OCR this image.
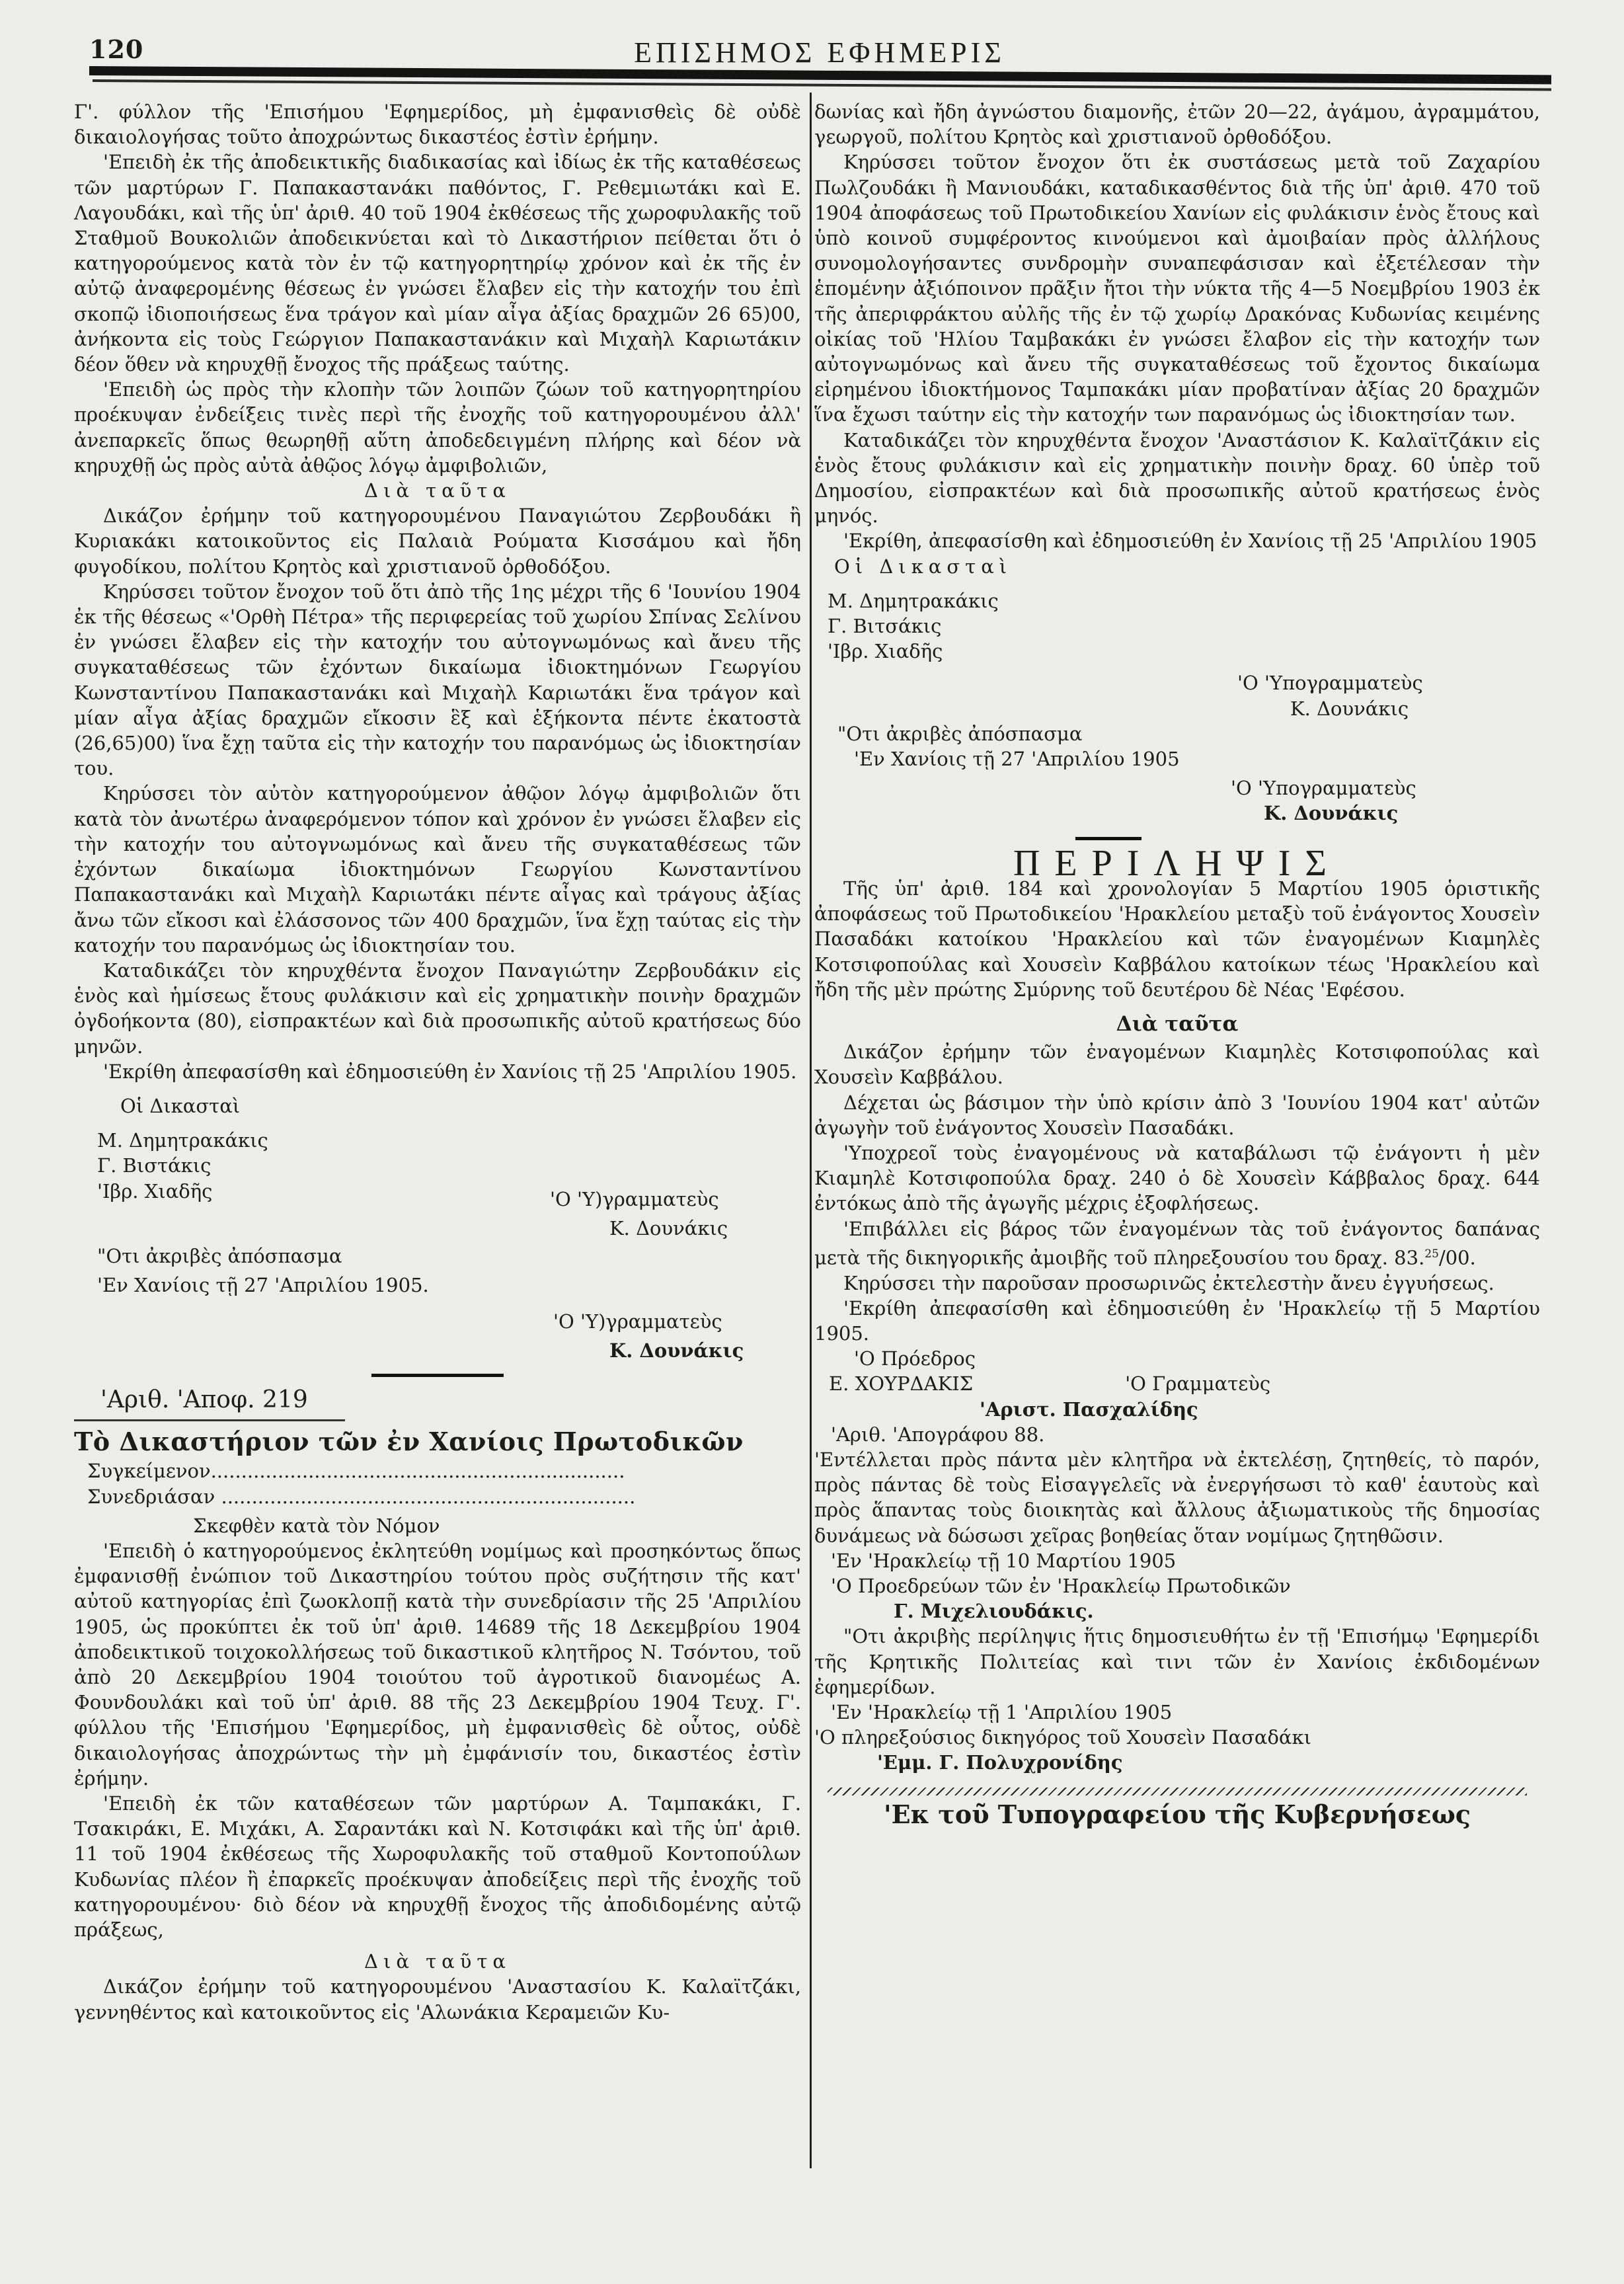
120	ΕΠΙΣΗΜΟΣ ΕΦΗΜΕΡΙΣ

Γ'. φύλλον τῆς 'Επισήμου 'Εφημερίδος, μὴ ἐμφανισθεὶς δὲ οὐδὲ δικαιολογήσας τοῦτο ἀποχρώντως δικαστέος ἐστὶν ἐρήμην.

'Επειδὴ ἐκ τῆς ἀποδεικτικῆς διαδικασίας καὶ ἰδίως ἐκ τῆς καταθέσεως τῶν μαρτύρων Γ. Παπακαστανάκι παθόντος, Γ. Ρεθεμιωτάκι καὶ Ε. Λαγουδάκι, καὶ τῆς ὑπ' ἀριθ. 40 τοῦ 1904 ἐκθέσεως τῆς χωροφυλακῆς τοῦ Σταθμοῦ Βουκολιῶν ἀποδεικνύεται καὶ τὸ Δικαστήριον πείθεται ὅτι ὁ κατηγορούμενος κατὰ τὸν ἐν τῷ κατηγορητηρίῳ χρόνον καὶ ἐκ τῆς ἐν αὐτῷ ἀναφερομένης θέσεως ἐν γνώσει ἔλαβεν εἰς τὴν κατοχήν του ἐπὶ σκοπῷ ἰδιοποιήσεως ἕνα τράγον καὶ μίαν αἶγα ἀξίας δραχμῶν 26 65)00, ἀνήκοντα εἰς τοὺς Γεώργιον Παπακαστανάκιν καὶ Μιχαὴλ Καριωτάκιν δέον ὅθεν νὰ κηρυχθῇ ἔνοχος τῆς πράξεως ταύτης.

'Επειδὴ ὡς πρὸς τὴν κλοπὴν τῶν λοιπῶν ζώων τοῦ κατηγορητηρίου προέκυψαν ἐνδείξεις τινὲς περὶ τῆς ἐνοχῆς τοῦ κατηγορουμένου ἀλλ' ἀνεπαρκεῖς ὅπως θεωρηθῇ αὕτη ἀποδεδειγμένη πλήρης καὶ δέον νὰ κηρυχθῇ ὡς πρὸς αὐτὰ ἀθῷος λόγῳ ἀμφιβολιῶν,

Διὰ ταῦτα

Δικάζον ἐρήμην τοῦ κατηγορουμένου Παναγιώτου Ζερβουδάκι ἢ Κυριακάκι κατοικοῦντος εἰς Παλαιὰ Ρούματα Κισσάμου καὶ ἤδη φυγοδίκου, πολίτου Κρητὸς καὶ χριστιανοῦ ὀρθοδόξου.

Κηρύσσει τοῦτον ἔνοχον τοῦ ὅτι ἀπὸ τῆς 1ης μέχρι τῆς 6 'Ιουνίου 1904 ἐκ τῆς θέσεως «'Ορθὴ Πέτρα» τῆς περιφερείας τοῦ χωρίου Σπίνας Σελίνου ἐν γνώσει ἔλαβεν εἰς τὴν κατοχήν του αὐτογνωμόνως καὶ ἄνευ τῆς συγκαταθέσεως τῶν ἐχόντων δικαίωμα ἰδιοκτημόνων Γεωργίου Κωνσταντίνου Παπακαστανάκι καὶ Μιχαὴλ Καριωτάκι ἕνα τράγον καὶ μίαν αἶγα ἀξίας δραχμῶν εἴκοσιν ἓξ καὶ ἑξήκοντα πέντε ἑκατοστὰ (26,65)00) ἵνα ἔχῃ ταῦτα εἰς τὴν κατοχήν του παρανόμως ὡς ἰδιοκτησίαν του.

Κηρύσσει τὸν αὐτὸν κατηγορούμενον ἀθῷον λόγῳ ἀμφιβολιῶν ὅτι κατὰ τὸν ἀνωτέρω ἀναφερόμενον τόπον καὶ χρόνον ἐν γνώσει ἔλαβεν εἰς τὴν κατοχήν του αὐτογνωμόνως καὶ ἄνευ τῆς συγκαταθέσεως τῶν ἐχόντων δικαίωμα ἰδιοκτημόνων Γεωργίου Κωνσταντίνου Παπακαστανάκι καὶ Μιχαὴλ Καριωτάκι πέντε αἶγας καὶ τράγους ἀξίας ἄνω τῶν εἴκοσι καὶ ἐλάσσονος τῶν 400 δραχμῶν, ἵνα ἔχῃ ταύτας εἰς τὴν κατοχήν του παρανόμως ὡς ἰδιοκτησίαν του.

Καταδικάζει τὸν κηρυχθέντα ἔνοχον Παναγιώτην Ζερβουδάκιν εἰς ἑνὸς καὶ ἡμίσεως ἔτους φυλάκισιν καὶ εἰς χρηματικὴν ποινὴν δραχμῶν ὀγδοήκοντα (80), εἰσπρακτέων καὶ διὰ προσωπικῆς αὐτοῦ κρατήσεως δύο μηνῶν.

'Εκρίθη ἀπεφασίσθη καὶ ἐδημοσιεύθη ἐν Χανίοις τῇ 25 'Απριλίου 1905.

Οἱ Δικασταὶ

Μ. Δημητρακάκις

Γ. Βιστάκις

'Ιβρ. Χιαδῆς	'Ο 'Υ)γραμματεὺς

Κ. Δουνάκις

"Οτι ἀκριβὲς ἀπόσπασμα

'Εν Χανίοις τῇ 27 'Απριλίου 1905.

'Ο 'Υ)γραμματεὺς

Κ. Δουνάκις

'Αριθ. 'Αποφ. 219

Τὸ Δικαστήριον τῶν ἐν Χανίοις Πρωτοδικῶν

Συγκείμενον....................................................................

Συνεδριάσαν ....................................................................

Σκεφθὲν κατὰ τὸν Νόμον

'Επειδὴ ὁ κατηγορούμενος ἐκλητεύθη νομίμως καὶ προσηκόντως ὅπως ἐμφανισθῇ ἐνώπιον τοῦ Δικαστηρίου τούτου πρὸς συζήτησιν τῆς κατ' αὐτοῦ κατηγορίας ἐπὶ ζωοκλοπῇ κατὰ τὴν συνεδρίασιν τῆς 25 'Απριλίου 1905, ὡς προκύπτει ἐκ τοῦ ὑπ' ἀριθ. 14689 τῆς 18 Δεκεμβρίου 1904 ἀποδεικτικοῦ τοιχοκολλήσεως τοῦ δικαστικοῦ κλητῆρος Ν. Τσόντου, τοῦ ἀπὸ 20 Δεκεμβρίου 1904 τοιούτου τοῦ ἀγροτικοῦ διανομέως Α. Φουνδουλάκι καὶ τοῦ ὑπ' ἀριθ. 88 τῆς 23 Δεκεμβρίου 1904 Τευχ. Γ'. φύλλου τῆς 'Επισήμου 'Εφημερίδος, μὴ ἐμφανισθεὶς δὲ οὗτος, οὐδὲ δικαιολογήσας ἀποχρώντως τὴν μὴ ἐμφάνισίν του, δικαστέος ἐστὶν ἐρήμην.

'Επειδὴ ἐκ τῶν καταθέσεων τῶν μαρτύρων Α. Ταμπακάκι, Γ. Τσακιράκι, Ε. Μιχάκι, Α. Σαραντάκι καὶ Ν. Κοτσιφάκι καὶ τῆς ὑπ' ἀριθ. 11 τοῦ 1904 ἐκθέσεως τῆς Χωροφυλακῆς τοῦ σταθμοῦ Κοντοπούλων Κυδωνίας πλέον ἢ ἐπαρκεῖς προέκυψαν ἀποδείξεις περὶ τῆς ἐνοχῆς τοῦ κατηγορουμένου· διὸ δέον νὰ κηρυχθῇ ἔνοχος τῆς ἀποδιδομένης αὐτῷ πράξεως,

Διὰ ταῦτα

Δικάζον ἐρήμην τοῦ κατηγορουμένου 'Αναστασίου Κ. Καλαϊτζάκι, γεννηθέντος καὶ κατοικοῦντος εἰς 'Αλωνάκια Κεραμειῶν Κυ-

δωνίας καὶ ἤδη ἀγνώστου διαμονῆς, ἐτῶν 20—22, ἀγάμου, ἀγραμμάτου, γεωργοῦ, πολίτου Κρητὸς καὶ χριστιανοῦ ὀρθοδόξου.

Κηρύσσει τοῦτον ἔνοχον ὅτι ἐκ συστάσεως μετὰ τοῦ Ζαχαρίου Πωλζουδάκι ἢ Μανιουδάκι, καταδικασθέντος διὰ τῆς ὑπ' ἀριθ. 470 τοῦ 1904 ἀποφάσεως τοῦ Πρωτοδικείου Χανίων εἰς φυλάκισιν ἑνὸς ἔτους καὶ ὑπὸ κοινοῦ συμφέροντος κινούμενοι καὶ ἀμοιβαίαν πρὸς ἀλλήλους συνομολογήσαντες συνδρομὴν συναπεφάσισαν καὶ ἐξετέλεσαν τὴν ἑπομένην ἀξιόποινον πρᾶξιν ἤτοι τὴν νύκτα τῆς 4—5 Νοεμβρίου 1903 ἐκ τῆς ἀπεριφράκτου αὐλῆς τῆς ἐν τῷ χωρίῳ Δρακόνας Κυδωνίας κειμένης οἰκίας τοῦ 'Ηλίου Ταμβακάκι ἐν γνώσει ἔλαβον εἰς τὴν κατοχήν των αὐτογνωμόνως καὶ ἄνευ τῆς συγκαταθέσεως τοῦ ἔχοντος δικαίωμα εἰρημένου ἰδιοκτήμονος Ταμπακάκι μίαν προβατίναν ἀξίας 20 δραχμῶν ἵνα ἔχωσι ταύτην εἰς τὴν κατοχήν των παρανόμως ὡς ἰδιοκτησίαν των.

Καταδικάζει τὸν κηρυχθέντα ἔνοχον 'Αναστάσιον Κ. Καλαϊτζάκιν εἰς ἑνὸς ἔτους φυλάκισιν καὶ εἰς χρηματικὴν ποινὴν δραχ. 60 ὑπὲρ τοῦ Δημοσίου, εἰσπρακτέων καὶ διὰ προσωπικῆς αὐτοῦ κρατήσεως ἑνὸς μηνός.

'Εκρίθη, ἀπεφασίσθη καὶ ἐδημοσιεύθη ἐν Χανίοις τῇ 25 'Απριλίου 1905

Οἱ Δικασταὶ

Μ. Δημητρακάκις

Γ. Βιτσάκις

'Ιβρ. Χιαδῆς

'Ο 'Υπογραμματεὺς

Κ. Δουνάκις

"Οτι ἀκριβὲς ἀπόσπασμα

'Εν Χανίοις τῇ 27 'Απριλίου 1905

'Ο 'Υπογραμματεὺς

Κ. Δουνάκις

ΠΕΡΙΛΗΨΙΣ

Τῆς ὑπ' ἀριθ. 184 καὶ χρονολογίαν 5 Μαρτίου 1905 ὁριστικῆς ἀποφάσεως τοῦ Πρωτοδικείου 'Ηρακλείου μεταξὺ τοῦ ἐνάγοντος Χουσεὶν Πασαδάκι κατοίκου 'Ηρακλείου καὶ τῶν ἐναγομένων Κιαμηλὲς Κοτσιφοπούλας καὶ Χουσεὶν Καββάλου κατοίκων τέως 'Ηρακλείου καὶ ἤδη τῆς μὲν πρώτης Σμύρνης τοῦ δευτέρου δὲ Νέας 'Εφέσου.

Διὰ ταῦτα

Δικάζον ἐρήμην τῶν ἐναγομένων Κιαμηλὲς Κοτσιφοπούλας καὶ Χουσεὶν Καββάλου.

Δέχεται ὡς βάσιμον τὴν ὑπὸ κρίσιν ἀπὸ 3 'Ιουνίου 1904 κατ' αὐτῶν ἀγωγὴν τοῦ ἐνάγοντος Χουσεὶν Πασαδάκι.

'Υποχρεοῖ τοὺς ἐναγομένους νὰ καταβάλωσι τῷ ἐνάγοντι ἡ μὲν Κιαμηλὲ Κοτσιφοπούλα δραχ. 240 ὁ δὲ Χουσεὶν Κάββαλος δραχ. 644 ἐντόκως ἀπὸ τῆς ἀγωγῆς μέχρις ἐξοφλήσεως.

'Επιβάλλει εἰς βάρος τῶν ἐναγομένων τὰς τοῦ ἐνάγοντος δαπάνας μετὰ τῆς δικηγορικῆς ἀμοιβῆς τοῦ πληρεξουσίου του δραχ. 83.25/00.

Κηρύσσει τὴν παροῦσαν προσωρινῶς ἐκτελεστὴν ἄνευ ἐγγυήσεως.

'Εκρίθη ἀπεφασίσθη καὶ ἐδημοσιεύθη ἐν 'Ηρακλείῳ τῇ 5 Μαρτίου 1905.

'Ο Πρόεδρος

Ε. ΧΟΥΡΔΑΚΙΣ	'Ο Γραμματεὺς

'Αριστ. Πασχαλίδης

'Αριθ. 'Απογράφου 88.

'Εντέλλεται πρὸς πάντα μὲν κλητῆρα νὰ ἐκτελέσῃ, ζητηθείς, τὸ παρόν, πρὸς πάντας δὲ τοὺς Εἰσαγγελεῖς νὰ ἐνεργήσωσι τὸ καθ' ἑαυτοὺς καὶ πρὸς ἅπαντας τοὺς διοικητὰς καὶ ἄλλους ἀξιωματικοὺς τῆς δημοσίας δυνάμεως νὰ δώσωσι χεῖρας βοηθείας ὅταν νομίμως ζητηθῶσιν.

'Εν 'Ηρακλείῳ τῇ 10 Μαρτίου 1905

'Ο Προεδρεύων τῶν ἐν 'Ηρακλείῳ Πρωτοδικῶν

Γ. Μιχελιουδάκις.

"Οτι ἀκριβὴς περίληψις ἥτις δημοσιευθήτω ἐν τῇ 'Επισήμῳ 'Εφημερίδι τῆς Κρητικῆς Πολιτείας καὶ τινι τῶν ἐν Χανίοις ἐκδιδομένων ἐφημερίδων.

'Εν 'Ηρακλείῳ τῇ 1 'Απριλίου 1905

'Ο πληρεξούσιος δικηγόρος τοῦ Χουσεὶν Πασαδάκι

'Εμμ. Γ. Πολυχρονίδης

'Εκ τοῦ Τυπογραφείου τῆς Κυβερνήσεως
